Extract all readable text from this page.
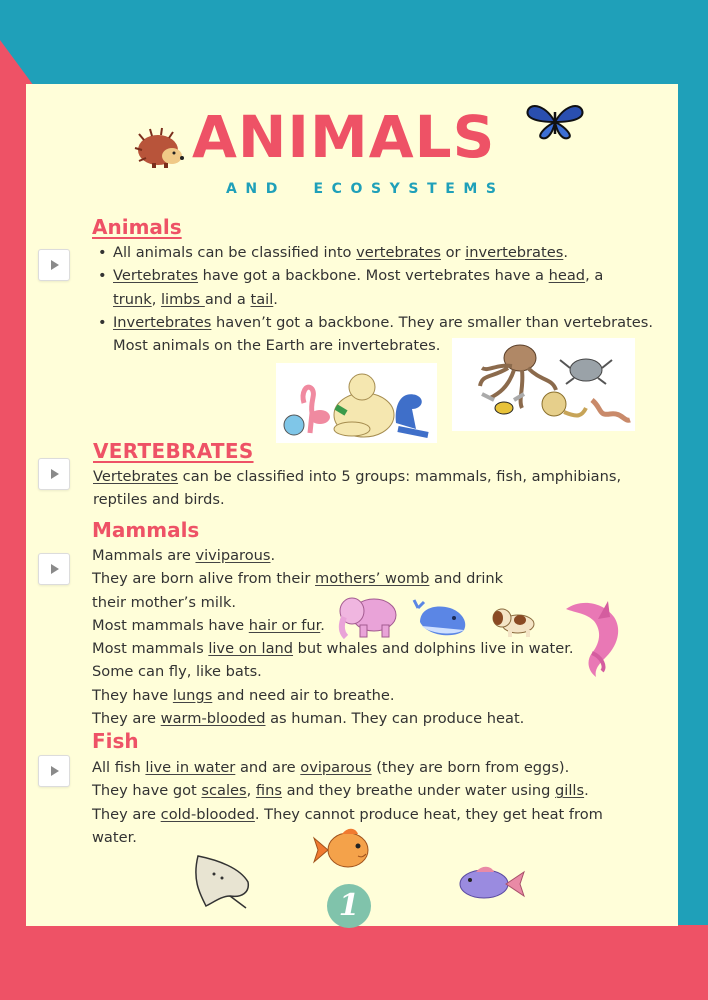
ANIMALS
AND ECOSYSTEMS
Animals
• All animals can be classified into vertebrates or invertebrates.
• Vertebrates have got a backbone. Most vertebrates have a head, a
trunk, limbs and a tail.
• Invertebrates haven’t got a backbone. They are smaller than vertebrates.
Most animals on the Earth are invertebrates.
VERTEBRATES

Vertebrates can be classified into 5 groups: mammals, fish, amphibians,

reptiles and birds.

Mammals

Mammals are viviparous.

They are born alive from their mothers’ womb and drink

their mother’s milk.

Most mammals have hair or fur.

Most mammals live on land but whales and dolphins live in water.

Some can fly, like bats.

They have lungs and need air to breathe.

They are warm-blooded as human. They can produce heat.

Fish

All fish live in water and are oviparous (they are born from eggs).

They have got scales, fins and they breathe under water using gills.

They are cold-blooded. They cannot produce heat, they get heat from

water.

1
